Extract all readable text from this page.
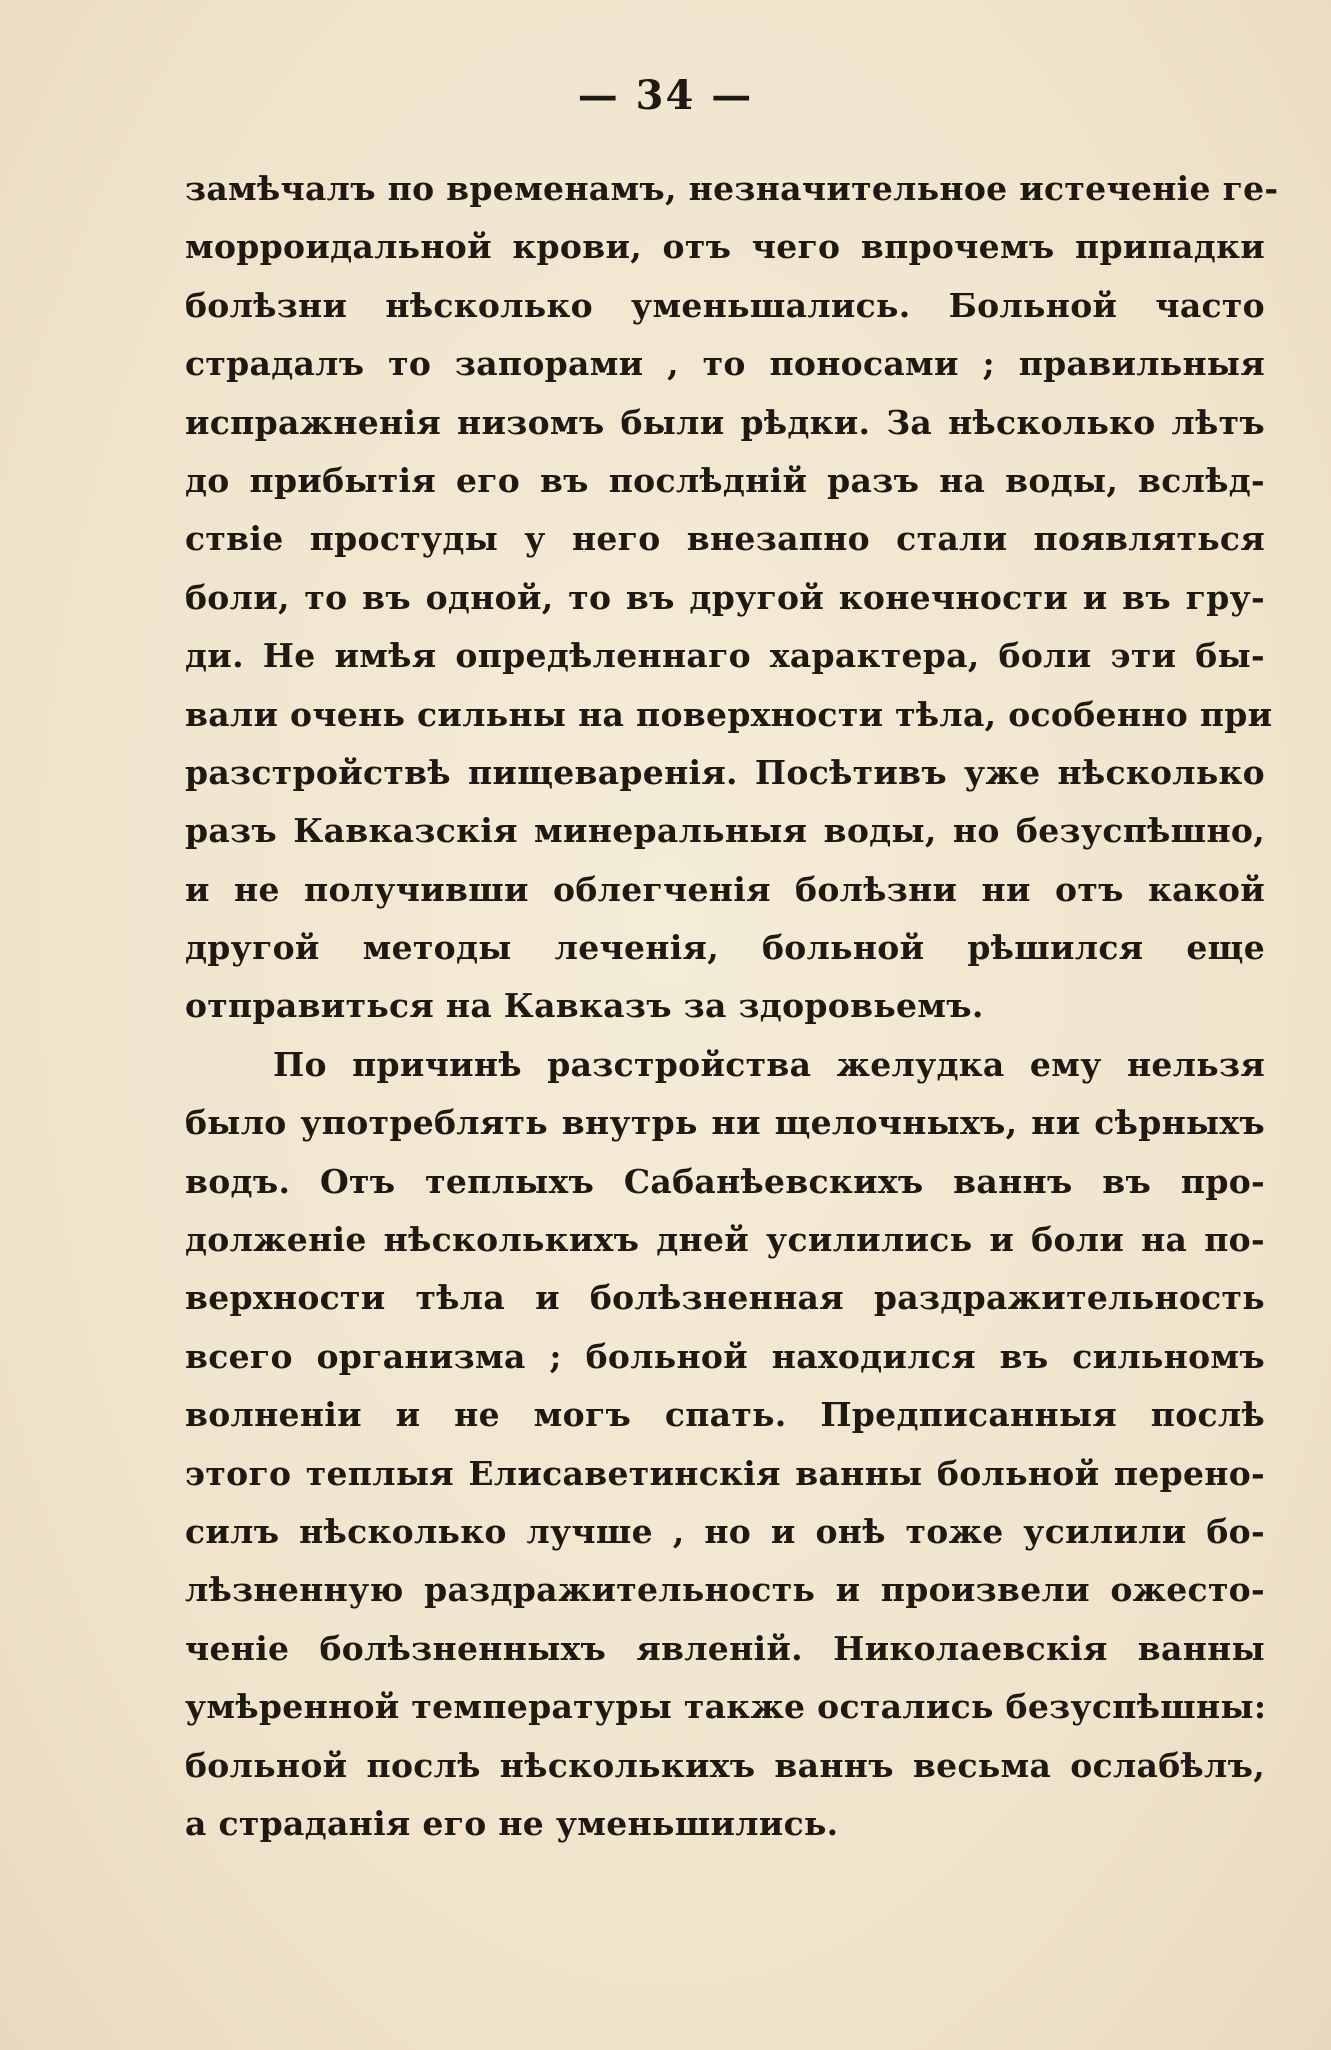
— 34 —
замѣчалъ по временамъ, незначительное истеченіе ге-
морроидальной крови, отъ чего впрочемъ припадки
болѣзни нѣсколько уменьшались. Больной часто
страдалъ то запорами , то поносами ; правильныя
испражненія низомъ были рѣдки. За нѣсколько лѣтъ
до прибытія его въ послѣдній разъ на воды, вслѣд-
ствіе простуды у него внезапно стали появляться
боли, то въ одной, то въ другой конечности и въ гру-
ди. Не имѣя опредѣленнаго характера, боли эти бы-
вали очень сильны на поверхности тѣла, особенно при
разстройствѣ пищеваренія. Посѣтивъ уже нѣсколько
разъ Кавказскія минеральныя воды, но безуспѣшно,
и не получивши облегченія болѣзни ни отъ какой
другой методы леченія, больной рѣшился еще
отправиться на Кавказъ за здоровьемъ.
По причинѣ разстройства желудка ему нельзя
было употреблять внутрь ни щелочныхъ, ни сѣрныхъ
водъ. Отъ теплыхъ Сабанѣевскихъ ваннъ въ про-
долженіе нѣсколькихъ дней усилились и боли на по-
верхности тѣла и болѣзненная раздражительность
всего организма ; больной находился въ сильномъ
волненіи и не могъ спать. Предписанныя послѣ
этого теплыя Елисаветинскія ванны больной перено-
силъ нѣсколько лучше , но и онѣ тоже усилили бо-
лѣзненную раздражительность и произвели ожесто-
ченіе болѣзненныхъ явленій. Николаевскія ванны
умѣренной температуры также остались безуспѣшны:
больной послѣ нѣсколькихъ ваннъ весьма ослабѣлъ,
а страданія его не уменьшились.
